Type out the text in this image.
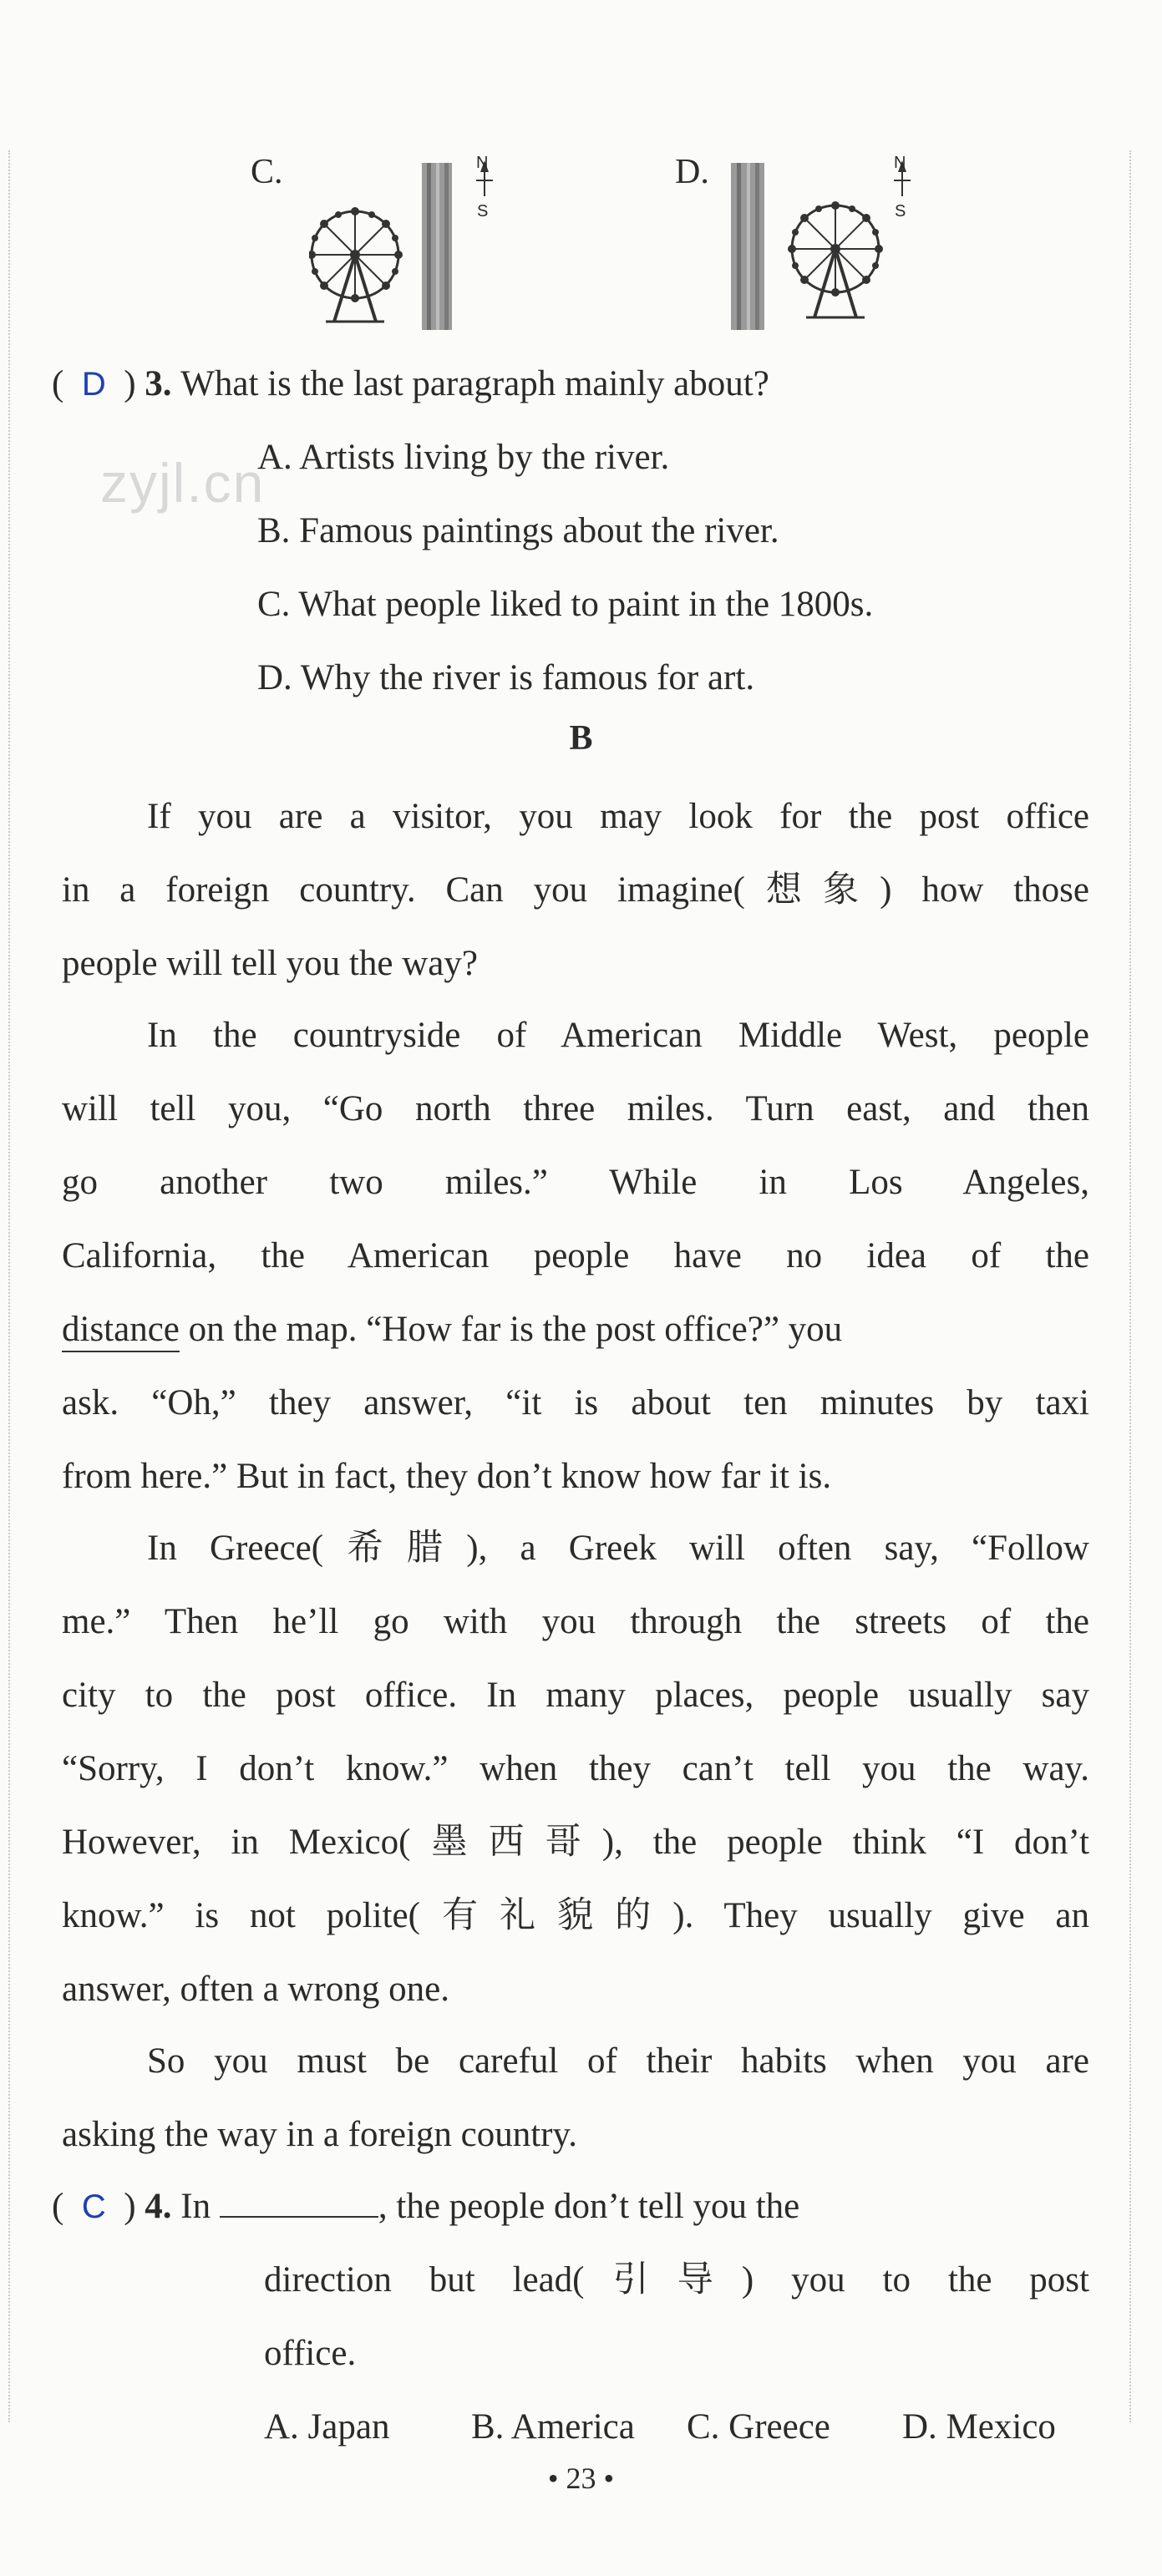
C.	N
S
D.	N
S
zyjl.cn
( D ) 3. What is the last paragraph mainly about?
A. Artists living by the river.
B. Famous paintings about the river.
C. What people liked to paint in the 1800s.
D. Why the river is famous for art.
B
If you are a visitor, you may look for the post office
in a foreign country. Can you imagine(想象) how those
people will tell you the way?
In the countryside of American Middle West, people
will tell you, “Go north three miles. Turn east, and then
go another two miles.” While in Los Angeles,
California, the American people have no idea of the
distance on the map. “How far is the post office?” you
ask. “Oh,” they answer, “it is about ten minutes by taxi
from here.” But in fact, they don’t know how far it is.
In Greece(希腊), a Greek will often say, “Follow
me.” Then he’ll go with you through the streets of the
city to the post office. In many places, people usually say
“Sorry, I don’t know.” when they can’t tell you the way.
However, in Mexico(墨西哥), the people think “I don’t
know.” is not polite(有礼貌的). They usually give an
answer, often a wrong one.
So you must be careful of their habits when you are
asking the way in a foreign country.
( C ) 4. In	, the people don’t tell you the
direction but lead(引导) you to the post
office.
A. Japan B. America C. Greece D. Mexico
• 23 •
